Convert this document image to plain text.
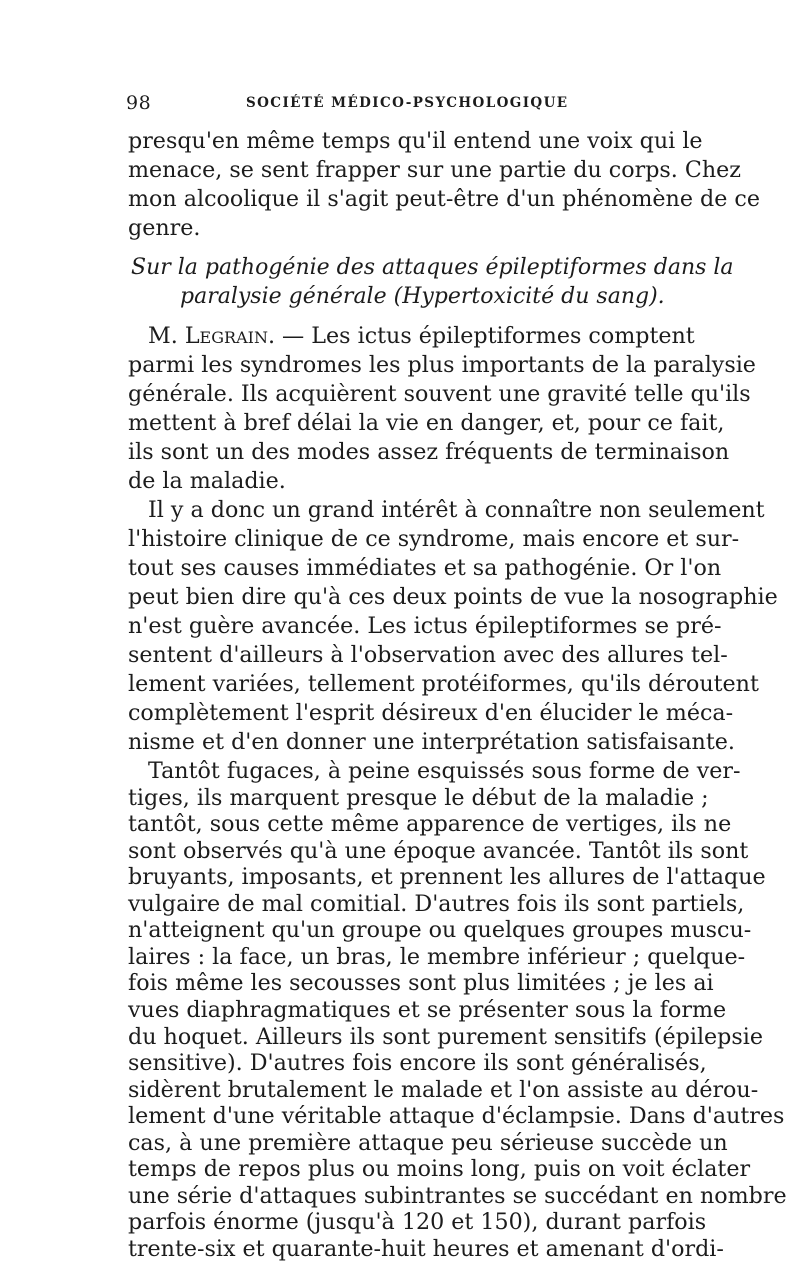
98	SOCIÉTÉ MÉDICO-PSYCHOLOGIQUE
presqu'en même temps qu'il entend une voix qui le
menace, se sent frapper sur une partie du corps. Chez
mon alcoolique il s'agit peut-être d'un phénomène de ce
genre.
Sur la pathogénie des attaques épileptiformes dans la
paralysie générale (Hypertoxicité du sang).
M. Legrain. — Les ictus épileptiformes comptent
parmi les syndromes les plus importants de la paralysie
générale. Ils acquièrent souvent une gravité telle qu'ils
mettent à bref délai la vie en danger, et, pour ce fait,
ils sont un des modes assez fréquents de terminaison
de la maladie.
Il y a donc un grand intérêt à connaître non seulement
l'histoire clinique de ce syndrome, mais encore et sur-
tout ses causes immédiates et sa pathogénie. Or l'on
peut bien dire qu'à ces deux points de vue la nosographie
n'est guère avancée. Les ictus épileptiformes se pré-
sentent d'ailleurs à l'observation avec des allures tel-
lement variées, tellement protéiformes, qu'ils déroutent
complètement l'esprit désireux d'en élucider le méca-
nisme et d'en donner une interprétation satisfaisante.
Tantôt fugaces, à peine esquissés sous forme de ver-
tiges, ils marquent presque le début de la maladie ;
tantôt, sous cette même apparence de vertiges, ils ne
sont observés qu'à une époque avancée. Tantôt ils sont
bruyants, imposants, et prennent les allures de l'attaque
vulgaire de mal comitial. D'autres fois ils sont partiels,
n'atteignent qu'un groupe ou quelques groupes muscu-
laires : la face, un bras, le membre inférieur ; quelque-
fois même les secousses sont plus limitées ; je les ai
vues diaphragmatiques et se présenter sous la forme
du hoquet. Ailleurs ils sont purement sensitifs (épilepsie
sensitive). D'autres fois encore ils sont généralisés,
sidèrent brutalement le malade et l'on assiste au dérou-
lement d'une véritable attaque d'éclampsie. Dans d'autres
cas, à une première attaque peu sérieuse succède un
temps de repos plus ou moins long, puis on voit éclater
une série d'attaques subintrantes se succédant en nombre
parfois énorme (jusqu'à 120 et 150), durant parfois
trente-six et quarante-huit heures et amenant d'ordi-
